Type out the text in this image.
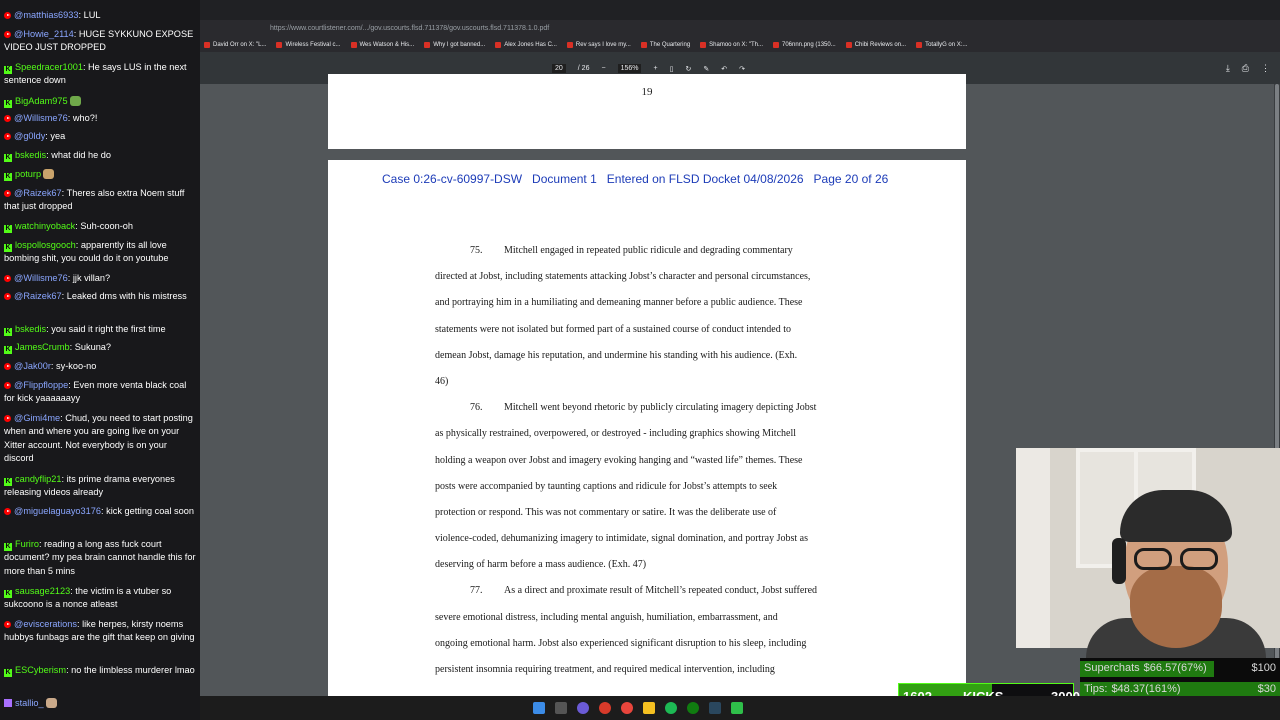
https://www.courtlistener.com/.../gov.uscourts.flsd.711378/gov.uscourts.flsd.711378.1.0.pdf
David Orr on X: "L...	Wireless Festival c...	Wes Watson & His...	Why I got banned...	Alex Jones Has C...	Rev says I love my...	The Quartering	Shamoo on X: "Th...	706nnn.png (1350...	Chibi Reviews on...	TotallyG on X:...
20	/ 26 −	156%	+ ▯ ↻ ✎ ↶ ↷	⤓ ⎙ ⋮
19
Case 0:26-cv-60997-DSW   Document 1   Entered on FLSD Docket 04/08/2026   Page 20 of 26
75. Mitchell engaged in repeated public ridicule and degrading commentary
directed at Jobst, including statements attacking Jobst’s character and personal circumstances,
and portraying him in a humiliating and demeaning manner before a public audience. These
statements were not isolated but formed part of a sustained course of conduct intended to
demean Jobst, damage his reputation, and undermine his standing with his audience. (Exh.
46)
76. Mitchell went beyond rhetoric by publicly circulating imagery depicting Jobst
as physically restrained, overpowered, or destroyed - including graphics showing Mitchell
holding a weapon over Jobst and imagery evoking hanging and “wasted life” themes. These
posts were accompanied by taunting captions and ridicule for Jobst’s attempts to seek
protection or respond. This was not commentary or satire. It was the deliberate use of
violence-coded, dehumanizing imagery to intimidate, signal domination, and portray Jobst as
deserving of harm before a mass audience. (Exh. 47)
77. As a direct and proximate result of Mitchell’s repeated conduct, Jobst suffered
severe emotional distress, including mental anguish, humiliation, embarrassment, and
ongoing emotional harm. Jobst also experienced significant disruption to his sleep, including
persistent insomnia requiring treatment, and required medical intervention, including
@matthias6933: LUL
@Howie_2114: HUGE SYKKUNO EXPOSE VIDEO JUST DROPPED
KSpeedracer1001: He says LUS in the next sentence down
KBigAdam975
@Willisme76: who?!
@g0ldy: yea
Kbskedis: what did he do
Kpoturp
@Raizek67: Theres also extra Noem stuff that just dropped
Kwatchinyoback: Suh-coon-oh
Klospollosgooch: apparently its all love bombing shit, you could do it on youtube
@Willisme76: jjk villan?
@Raizek67: Leaked dms with his mistress
Kbskedis: you said it right the first time
KJamesCrumb: Sukuna?
@Jak00r: sy-koo-no
@Flippfloppe: Even more venta black coal for kick yaaaaaayy
@Gimi4me: Chud, you need to start posting when and where you are going live on your Xitter account. Not everybody is on your discord
Kcandyflip21: its prime drama everyones releasing videos already
@miguelaguayo3176: kick getting coal soon
KFuriro: reading a long ass fuck court document? my pea brain cannot handle this for more than 5 mins
Ksausage2123: the victim is a vtuber so sukcoono is a nonce atleast
@eviscerations: like herpes, kirsty noems hubbys funbags are the gift that keep on giving
KESCyberism: no the limbless murderer lmao
stallio_
Superchats $66.57(67%)	$100
Tips: $48.37(161%)	$30
